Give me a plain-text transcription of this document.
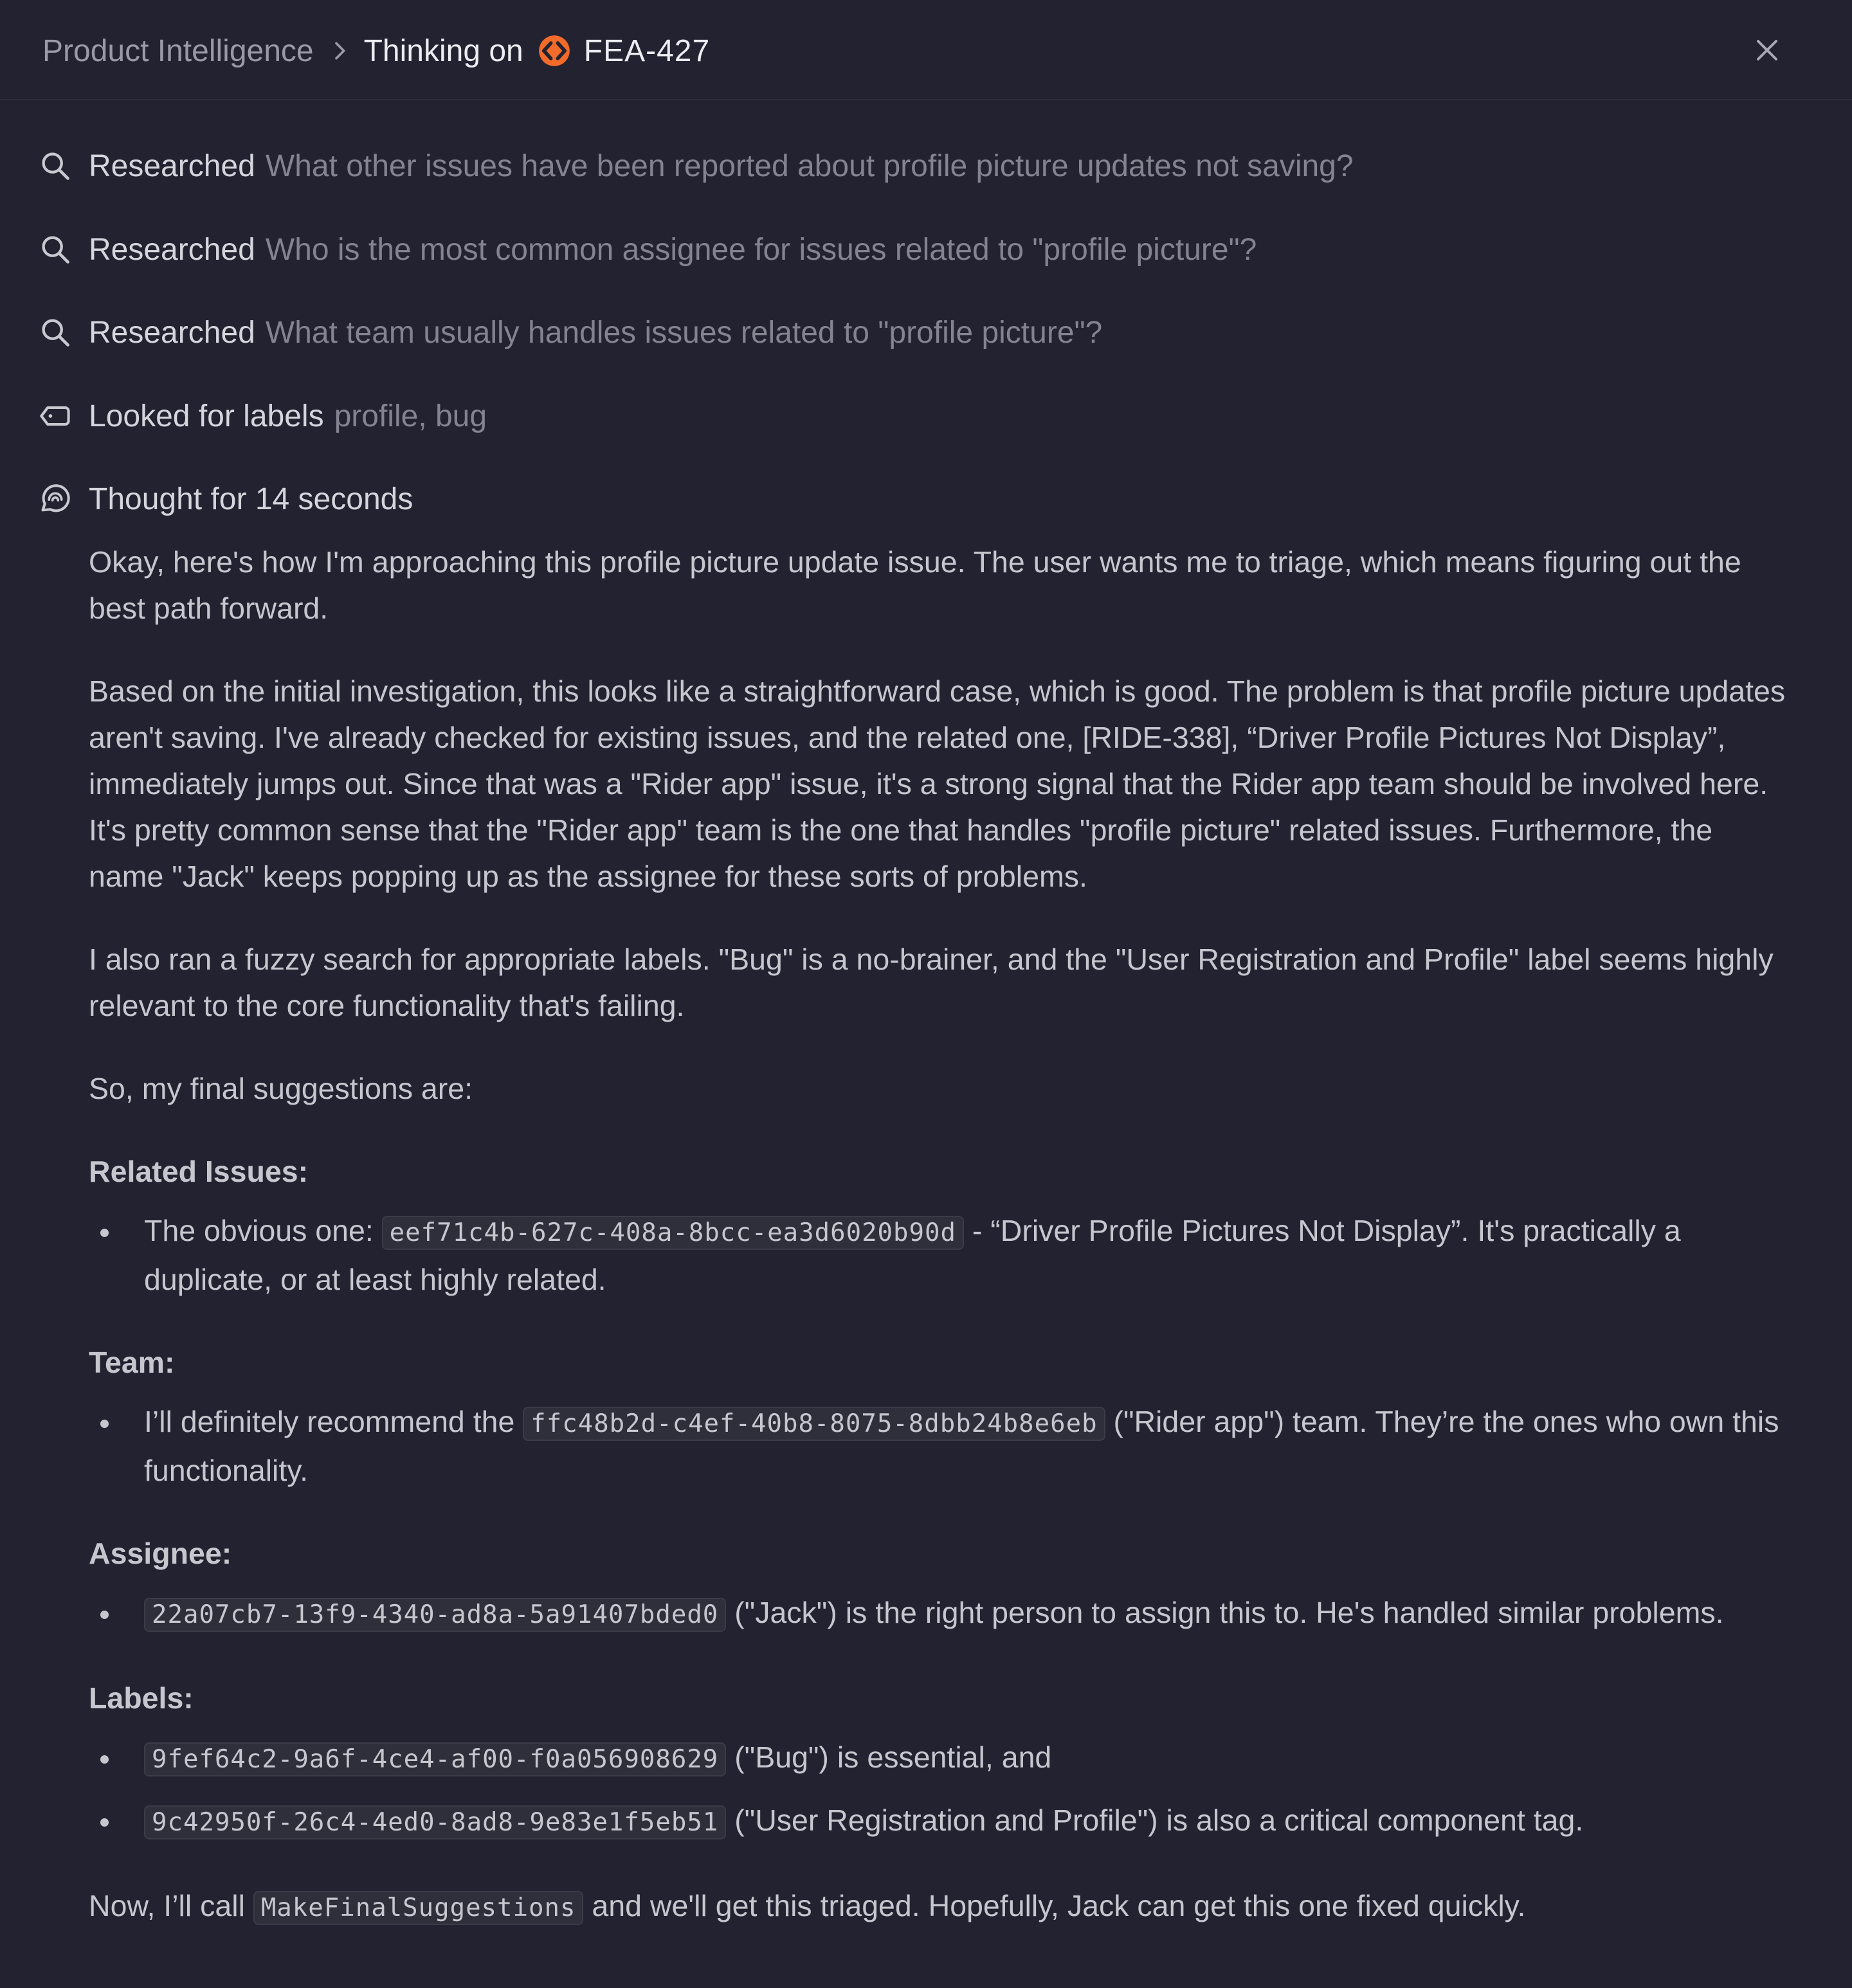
Product Intelligence Thinking on FEA-427
Researched What other issues have been reported about profile picture updates not saving?
Researched Who is the most common assignee for issues related to "profile picture"?
Researched What team usually handles issues related to "profile picture"?
Looked for labels profile, bug
Thought for 14 seconds

Okay, here's how I'm approaching this profile picture update issue. The user wants me to triage, which means figuring out the best path forward.

Based on the initial investigation, this looks like a straightforward case, which is good. The problem is that profile picture updates aren't saving. I've already checked for existing issues, and the related one, [RIDE-338], “Driver Profile Pictures Not Display”, immediately jumps out. Since that was a "Rider app" issue, it's a strong signal that the Rider app team should be involved here. It's pretty common sense that the "Rider app" team is the one that handles "profile picture" related issues. Furthermore, the name "Jack" keeps popping up as the assignee for these sorts of problems.

I also ran a fuzzy search for appropriate labels. "Bug" is a no-brainer, and the "User Registration and Profile" label seems highly relevant to the core functionality that's failing.

So, my final suggestions are:

Related Issues:
The obvious one: eef71c4b-627c-408a-8bcc-ea3d6020b90d - “Driver Profile Pictures Not Display”. It's practically a duplicate, or at least highly related.
Team:
I’ll definitely recommend the ffc48b2d-c4ef-40b8-8075-8dbb24b8e6eb ("Rider app") team. They’re the ones who own this functionality.
Assignee:
22a07cb7-13f9-4340-ad8a-5a91407bded0 ("Jack") is the right person to assign this to. He's handled similar problems.
Labels:
9fef64c2-9a6f-4ce4-af00-f0a056908629 ("Bug") is essential, and
9c42950f-26c4-4ed0-8ad8-9e83e1f5eb51 ("User Registration and Profile") is also a critical component tag.

Now, I’ll call MakeFinalSuggestions and we'll get this triaged. Hopefully, Jack can get this one fixed quickly.
